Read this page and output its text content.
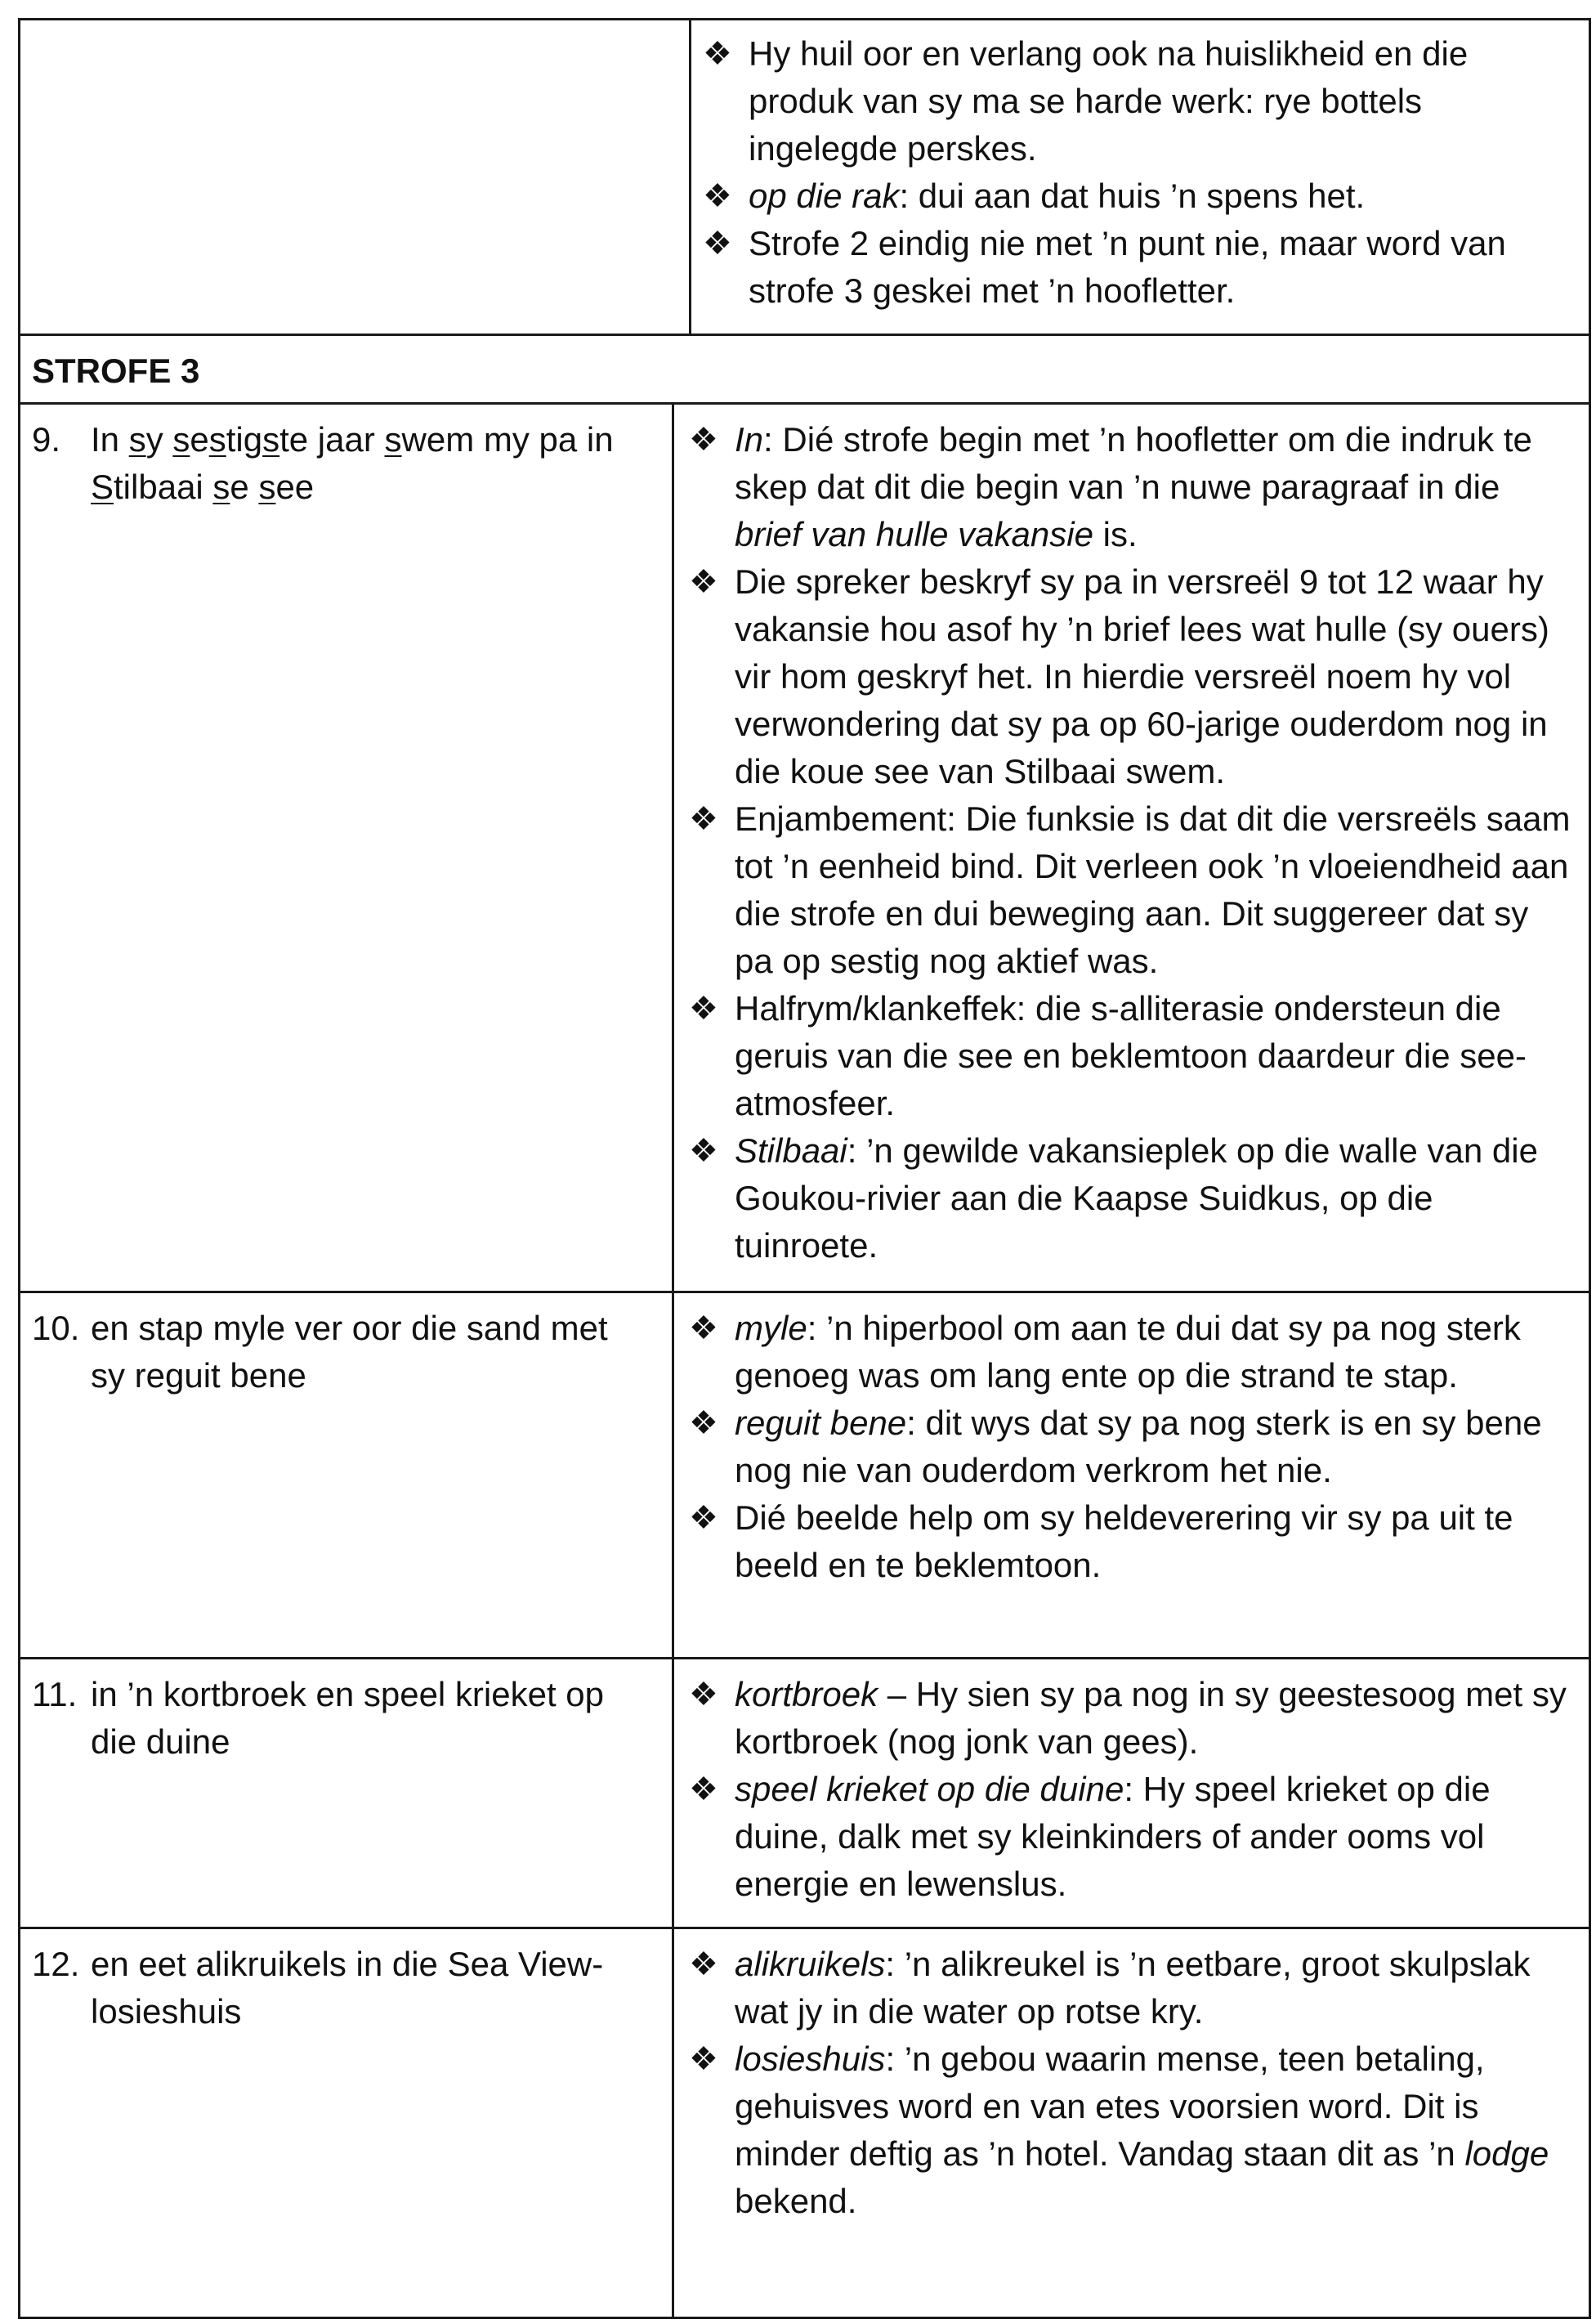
❖ Hy huil oor en verlang ook na huislikheid en die produk van sy ma se harde werk: rye bottels ingelegde perskes.
❖ op die rak: dui aan dat huis ’n spens het.
❖ Strofe 2 eindig nie met ’n punt nie, maar word van strofe 3 geskei met ’n hoofletter.
STROFE 3
9. In sy sestigste jaar swem my pa in Stilbaai se see
❖ In: Dié strofe begin met ’n hoofletter om die indruk te skep dat dit die begin van ’n nuwe paragraaf in die brief van hulle vakansie is.
❖ Die spreker beskryf sy pa in versreël 9 tot 12 waar hy vakansie hou asof hy ’n brief lees wat hulle (sy ouers) vir hom geskryf het. In hierdie versreël noem hy vol verwondering dat sy pa op 60-jarige ouderdom nog in die koue see van Stilbaai swem.
❖ Enjambement: Die funksie is dat dit die versreëls saam tot ’n eenheid bind. Dit verleen ook ’n vloeiendheid aan die strofe en dui beweging aan. Dit suggereer dat sy pa op sestig nog aktief was.
❖ Halfrym/klankeffek: die s-alliterasie ondersteun die geruis van die see en beklemtoon daardeur die see-atmosfeer.
❖ Stilbaai: ’n gewilde vakansieplek op die walle van die Goukou-rivier aan die Kaapse Suidkus, op die tuinroete.
10. en stap myle ver oor die sand met sy reguit bene
❖ myle: ’n hiperbool om aan te dui dat sy pa nog sterk genoeg was om lang ente op die strand te stap.
❖ reguit bene: dit wys dat sy pa nog sterk is en sy bene nog nie van ouderdom verkrom het nie.
❖ Dié beelde help om sy heldeverering vir sy pa uit te beeld en te beklemtoon.
11. in ’n kortbroek en speel krieket op die duine
❖ kortbroek – Hy sien sy pa nog in sy geestesoog met sy kortbroek (nog jonk van gees).
❖ speel krieket op die duine: Hy speel krieket op die duine, dalk met sy kleinkinders of ander ooms vol energie en lewenslus.
12. en eet alikruikels in die Sea View-losieshuis
❖ alikruikels: ’n alikreukel is ’n eetbare, groot skulpslak wat jy in die water op rotse kry.
❖ losieshuis: ’n gebou waarin mense, teen betaling, gehuisves word en van etes voorsien word. Dit is minder deftig as ’n hotel. Vandag staan dit as ’n lodge bekend.
